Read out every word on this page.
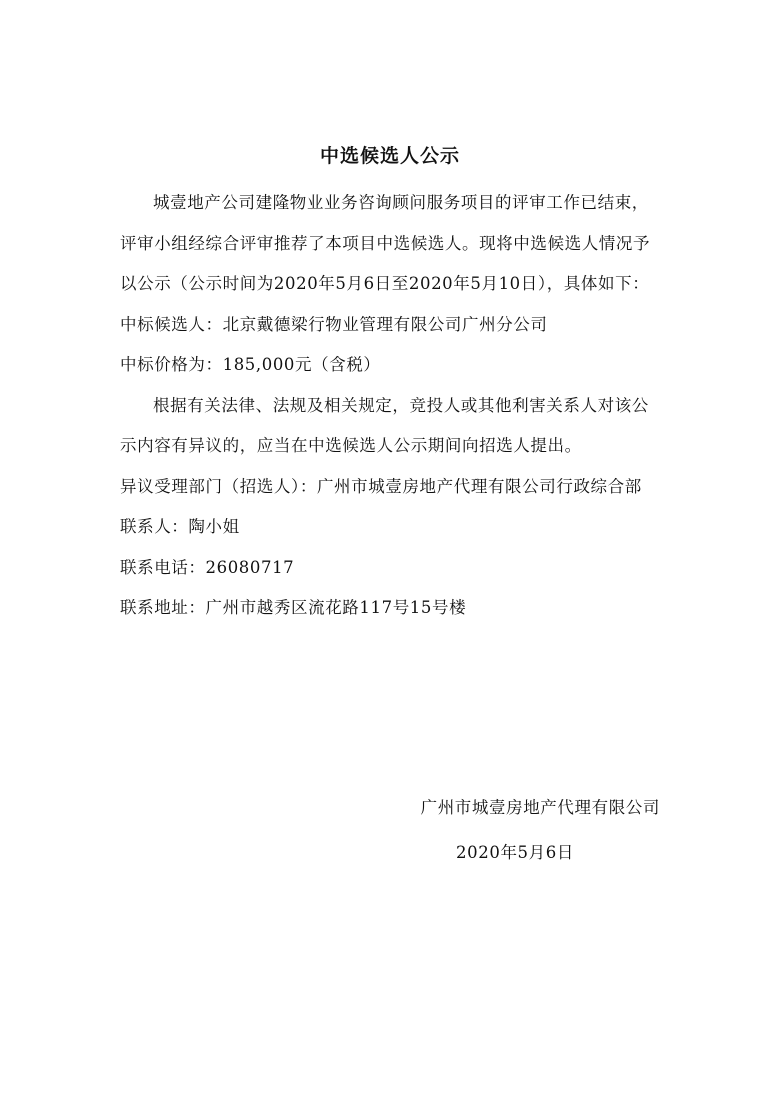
中选候选人公示

城壹地产公司建隆物业业务咨询顾问服务项目的评审工作已结束，评审小组经综合评审推荐了本项目中选候选人。现将中选候选人情况予以公示（公示时间为2020年5月6日至2020年5月10日），具体如下：

中标候选人：北京戴德梁行物业管理有限公司广州分公司

中标价格为：185,000元（含税）

根据有关法律、法规及相关规定，竞投人或其他利害关系人对该公示内容有异议的，应当在中选候选人公示期间向招选人提出。

异议受理部门（招选人）：广州市城壹房地产代理有限公司行政综合部

联系人：陶小姐

联系电话：26080717

联系地址：广州市越秀区流花路117号15号楼

广州市城壹房地产代理有限公司
2020年5月6日
